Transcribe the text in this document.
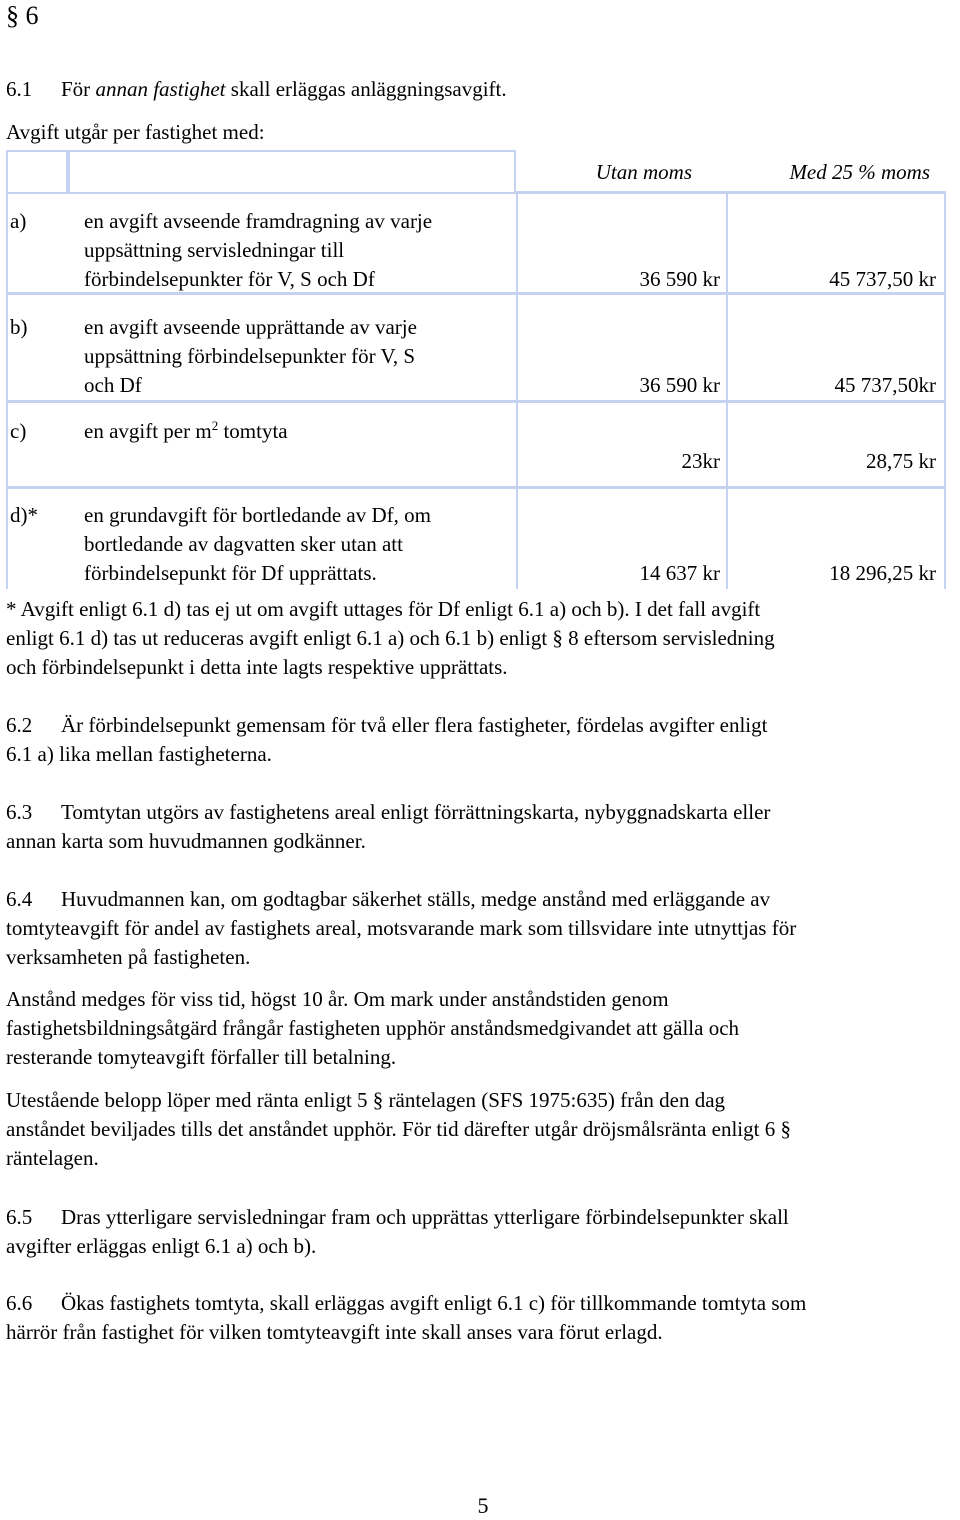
§ 6
6.1 För annan fastighet skall erläggas anläggningsavgift.
Avgift utgår per fastighet med:
Utan moms	Med 25 % moms
a)	en avgift avseende framdragning av varje
uppsättning servisledningar till
förbindelsepunkter för V, S och Df	36 590 kr	45 737,50 kr
b)	en avgift avseende upprättande av varje
uppsättning förbindelsepunkter för V, S
och Df	36 590 kr	45 737,50kr
c)	en avgift per $m^2$ tomtyta
23kr	28,75 kr
d)* en grundavgift för bortledande av Df, om
bortledande av dagvatten sker utan att
förbindelsepunkt för Df upprättats.	14 637 kr	18 296,25 kr
* Avgift enligt 6.1 d) tas ej ut om avgift uttages för Df enligt 6.1 a) och b). I det fall avgift
enligt 6.1 d) tas ut reduceras avgift enligt 6.1 a) och 6.1 b) enligt § 8 eftersom servisledning
och förbindelsepunkt i detta inte lagts respektive upprättats.
6.2 Är förbindelsepunkt gemensam för två eller flera fastigheter, fördelas avgifter enligt
6.1 a) lika mellan fastigheterna.
6.3 Tomtytan utgörs av fastighetens areal enligt förrättningskarta, nybyggnadskarta eller
annan karta som huvudmannen godkänner.
6.4 Huvudmannen kan, om godtagbar säkerhet ställs, medge anstånd med erläggande av
tomtyteavgift för andel av fastighets areal, motsvarande mark som tillsvidare inte utnyttjas för
verksamheten på fastigheten.
Anstånd medges för viss tid, högst 10 år. Om mark under anståndstiden genom
fastighetsbildningsåtgärd frångår fastigheten upphör anståndsmedgivandet att gälla och
resterande tomyteavgift förfaller till betalning.
Utestående belopp löper med ränta enligt 5 § räntelagen (SFS 1975:635) från den dag
anståndet beviljades tills det anståndet upphör. För tid därefter utgår dröjsmålsränta enligt 6 §
räntelagen.
6.5 Dras ytterligare servisledningar fram och upprättas ytterligare förbindelsepunkter skall
avgifter erläggas enligt 6.1 a) och b).
6.6 Ökas fastighets tomtyta, skall erläggas avgift enligt 6.1 c) för tillkommande tomtyta som
härrör från fastighet för vilken tomtyteavgift inte skall anses vara förut erlagd.
5
